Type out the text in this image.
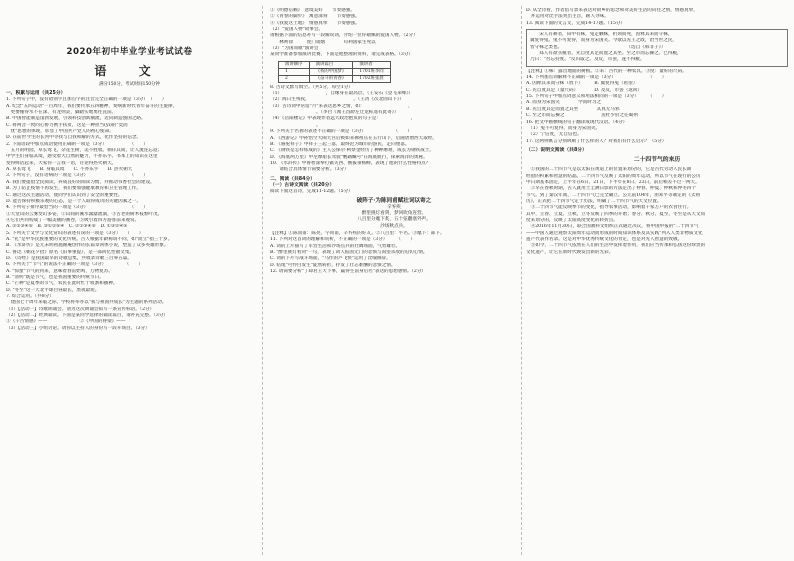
2020年初中毕业学业考试试卷
语 文
满分150分，考试时间150分钟
一、积累与运用（共25分）
1. 下列句子中，没有错别字且加点字的注音完全正确的一项是（3分）　（　　）
A. 纪念"五四运动"一百周年，我们要传承五四精神，奏响新时代青年奋斗的主旋律，
　更要懂得水不在深、有龙则灵，脚踏实地勇往直前。
B. 中国智能制造蓬勃发展，引领科技创新潮流，迈向制造强国之路。
C. 将两音一致同心协力携手扶贫，这是一种担当(yì)的"奕而
　忧"思想的体现，彰显了中国共产党人的初心使命。
D. 在前世今生的长河中寻找与自我和解的方式，化作坚持的信念。
2. 下面语段中加点成语使用正确的一项是（3分）　　　　　　（　　）
　五月的明园，草长莺飞，杂花生树，美不胜收。徜徉其间，让人流连忘返；
中学生们身临其境，感受着大自然的魅力，不亦乐乎。书本上的知识在这里
变得鲜活起来，大家你一言我一语，讨论得热火朝天。
A. 草长莺飞　　B. 身临其境　　C. 不亦乐乎　　D. 热火朝天
3. 下列句子，没有语病的一项是（3分）　　　　　　　　　　（　　）
A. 我们要提倡全民阅读，养成良好的阅读习惯，并推动书香社会的建设。
B. 为了防止疫情不再发生，我们要加强健康教育和卫生管理工作。
C. 通过这次主题活动，使同学们认识到了安全的重要性。
D. 能否保持积极乐观的心态，是一个人取得成功的关键因素之一。
4. 下列句子排序最恰当的一项是（3分）　　　　　　　　　　（　　）
①天堂山的云雾变幻多姿，②山间的溪水潺潺流淌，③古老的树木枝繁叶茂，
④它们共同构成了一幅美丽的画卷，⑤吸引着四方游客前来观赏。
A. ①②③④⑤　B. ③①②⑤④　C. ②①③④⑤　D. ①③②④⑤
5. 下列关于文学与文化常识的表述有误的一项是（3分）　　（　　）
A. "礼"是中华民族重要的文化传统。古人根据年龄称谓不同，如"而立"指三十岁。
B. 《水浒传》是元末明初施耐庵创作的长篇章回体小说，塑造了众多英雄形象。
C. 鲁迅《朝花夕拾》原名《旧事重提》，是一部回忆性散文集。
D. 《诗经》是我国最早的诗歌总集，共收录诗歌三百零五篇。
6. 下列关于"节气"的说法不正确的一项是（3分）　　　　　（　　）
A. "惊蛰"节气的到来，意味着春雷始鸣，万物复苏。
B. "清明"既是节气，也是我国重要的传统节日。
C. "芒种"是夏季的节气，农民在此时忙于收割和播种。
D. "冬至"这一天北半球白昼最长，黑夜最短。
7. 综合运用。（共8分）
　建国七十周年来临之际，学校将举办以"我与祖国共成长"为主题的系列活动。
（1）【活动一】诗歌朗诵会。请为这次朗诵会拟写一条宣传标语。（2分）
（2）【活动二】经典诵读。下面是某同学选择的诵读篇目，请补充完整。（3分）
①《千古情感》——　　　　　　　②《中国的脊梁》——
（3）【活动三】小组讨论。请你以主持人的身份写一段开场白。（3分）
①《明德信赖》　意境美好　　节奏感强。
②《青春的脚步》　寓意深刻　　节奏感强。
③《我爱这土地》　情感真挚　　节奏感强。
（2）"爱国人物"故事会。
请根据下面的信息补写一段解说词，介绍一位你敬佩的爱国人物。（2分）
　　林则徐　　　虎门销烟　　　　苟利国家生死以
（3）"为国而歌"演讲会
某同学准备参加演讲比赛，下面是他整理的资料，请完成表格。（3分）
演讲顺序	演讲篇目	演讲者
1	《我的中国梦》	1701班李同
2	《奋斗的青春》	1702班张晨
8. 古诗文默写填空。（共5分，每空1分）
（1）　　　　　　　　　　，自缘身在最高层。（王安石《登飞来峰》）
（2）海日生残夜，　　　　　　　　　　。（王湾《次北固山下》）
（3）古诗词中常借"月"来表达思乡之情，如：　　　　　　　　　　，
　　　　　　　　　　。（李白《闻王昌龄左迁龙标遥有此寄》）
（4）《岳阳楼记》中表现作者远大政治抱负的句子是：　　　　　　　，
　　　　　　　　　　。
9. 下列关于名著的表述不正确的一项是（3分）　　　　　　　（　　）
A. 《西游记》中孙悟空大闹天宫后被如来佛祖压在五行山下，后随唐僧西天取经。
B. 《骆驼祥子》中祥子三起三落，最终沦为城市的游民，走向堕落。
C. 《钢铁是怎样炼成的》主人公保尔·柯察金经历了种种磨难，成长为钢铁战士。
D. 《海底两万里》中尼摩船长驾驶"鹦鹉螺号"在海底航行，探索海洋的奥秘。
10. 《水浒传》中鲁智深拳打镇关西、倒拔垂杨柳，表现了他的什么性格特点？
　　请结合具体情节简要分析。（3分）
二、阅读（共84分）
（一）古诗文阅读（共20分）
阅读下面这首诗，完成11-12题。（5分）
破阵子·为陈同甫赋壮词以寄之
辛弃疾
醉里挑灯看剑，梦回吹角连营。
八百里分麾下炙，五十弦翻塞外声。
沙场秋点兵。
【注释】①陈同甫：陈亮，字同甫，辛弃疾的好友。②八百里：牛名。③麾下：部下。
11. 下列对这首词的理解和赏析，不正确的一项是（3分）　　　（　　）
A. 词的上片描写了军营生活和沙场点兵的壮阔场面，气势雄壮。
B. "醉里挑灯看剑"一句，表现了词人报国无门的悲愤与渴望杀敌的迫切心情。
C. 词的下片写战斗场面，"马作的卢飞快"运用了比喻修辞。
D. 结尾"可怜白发生"陡然转折，抒发了壮志难酬的悲愤之情。
12. 请简要分析"了却君王天下事，赢得生前身后名"表达的思想感情。（2分）
D. 从全诗看，作者借写景来表达对故乡的思念和对美好生活的向往之情，情感真挚，
　并运用对比手法突出主旨，耐人寻味。
13. 阅读下面的文言文，完成14-17题。（15分）
　　宋人有耕者，田中有株，兔走触株，折颈而死，因释其耒而守株，
冀复得兔。兔不可复得，而身为宋国笑。今欲以先王之政，治当世之民，
皆守株之类也。　　　　　　　　　　　　　　　（选自《韩非子》）
　　郑人有欲买履者，先自度其足而置之其坐。至之市而忘操之。已得履，
乃曰："吾忘持度。"反归取之。及反，市罢，遂不得履。
【注释】①株：露出地面的树根。②耒：古代的一种农具。③度：量好的尺码。
14. 下列加点词解释不正确的一项是（3分）　　　　　　　　（　　）
A. 因释其耒而守株（放下）　　　B. 冀复得兔（希望）
C. 先自度其足（量尺码）　　　　D. 及反，市罢（返回）
15. 下列句子中加点词意义和用法相同的一项是（3分）　　　（　　）
A. 而身为宋国笑　　　　学而时习之
B. 先自度其足而置之其坐　　　　其真无马邪
C. 至之市而忘操之　　　　　　　　送杜少府之任蜀州
16. 把文中画横线的句子翻译成现代汉语。（4分）
　（1）兔不可复得，而身为宋国笑。
　（2）宁信度，无自信也。
17. 这两则寓言分别讽刺了什么样的人？对我们有什么启示？（5分）
（二）说明文阅读（共8分）
二十四节气的来历
　①我国的二十四节气是以太阳在黄道上的位置来划分的，它是古代劳动人民长期
经验的积累和智慧的结晶。二十四节气反映了太阳的周年运动，所以节气在现行的公历
中日期基本固定，上半年在6日、21日，下半年在8日、23日，前后相差不过一两天。
　②早在春秋时期，古人就用土圭测日影的方法定出了仲春、仲夏、仲秋和仲冬四个
节气。到了秦汉年间，二十四节气已完全确立。公元前104年，由邓平等制定的《太初
历》，正式把二十四节气定于历法，明确了二十四节气的天文位置。
　③二十四节气能反映季节的变化，指导农事活动，影响着千家万户的衣食住行。
其中，立春、立夏、立秋、立冬反映了四季的开始；春分、秋分、夏至、冬至是从天文角
度来划分的，反映了太阳高度变化的转折点。
　④2016年11月30日，联合国教科文组织正式通过决议，将中国申报的"二十四节气
——中国人通过观察太阳周年运动而形成的时间知识体系及其实践"列入人类非物质文化
遗产代表作名录。这是对中华优秀传统文化的肯定，也是对先人智慧的致敬。
　⑤如今，二十四节气依然在人们的生活中发挥着作用，我们应当传承和弘扬这份珍贵的
文化遗产，让它在新时代焕发出新的光彩。
